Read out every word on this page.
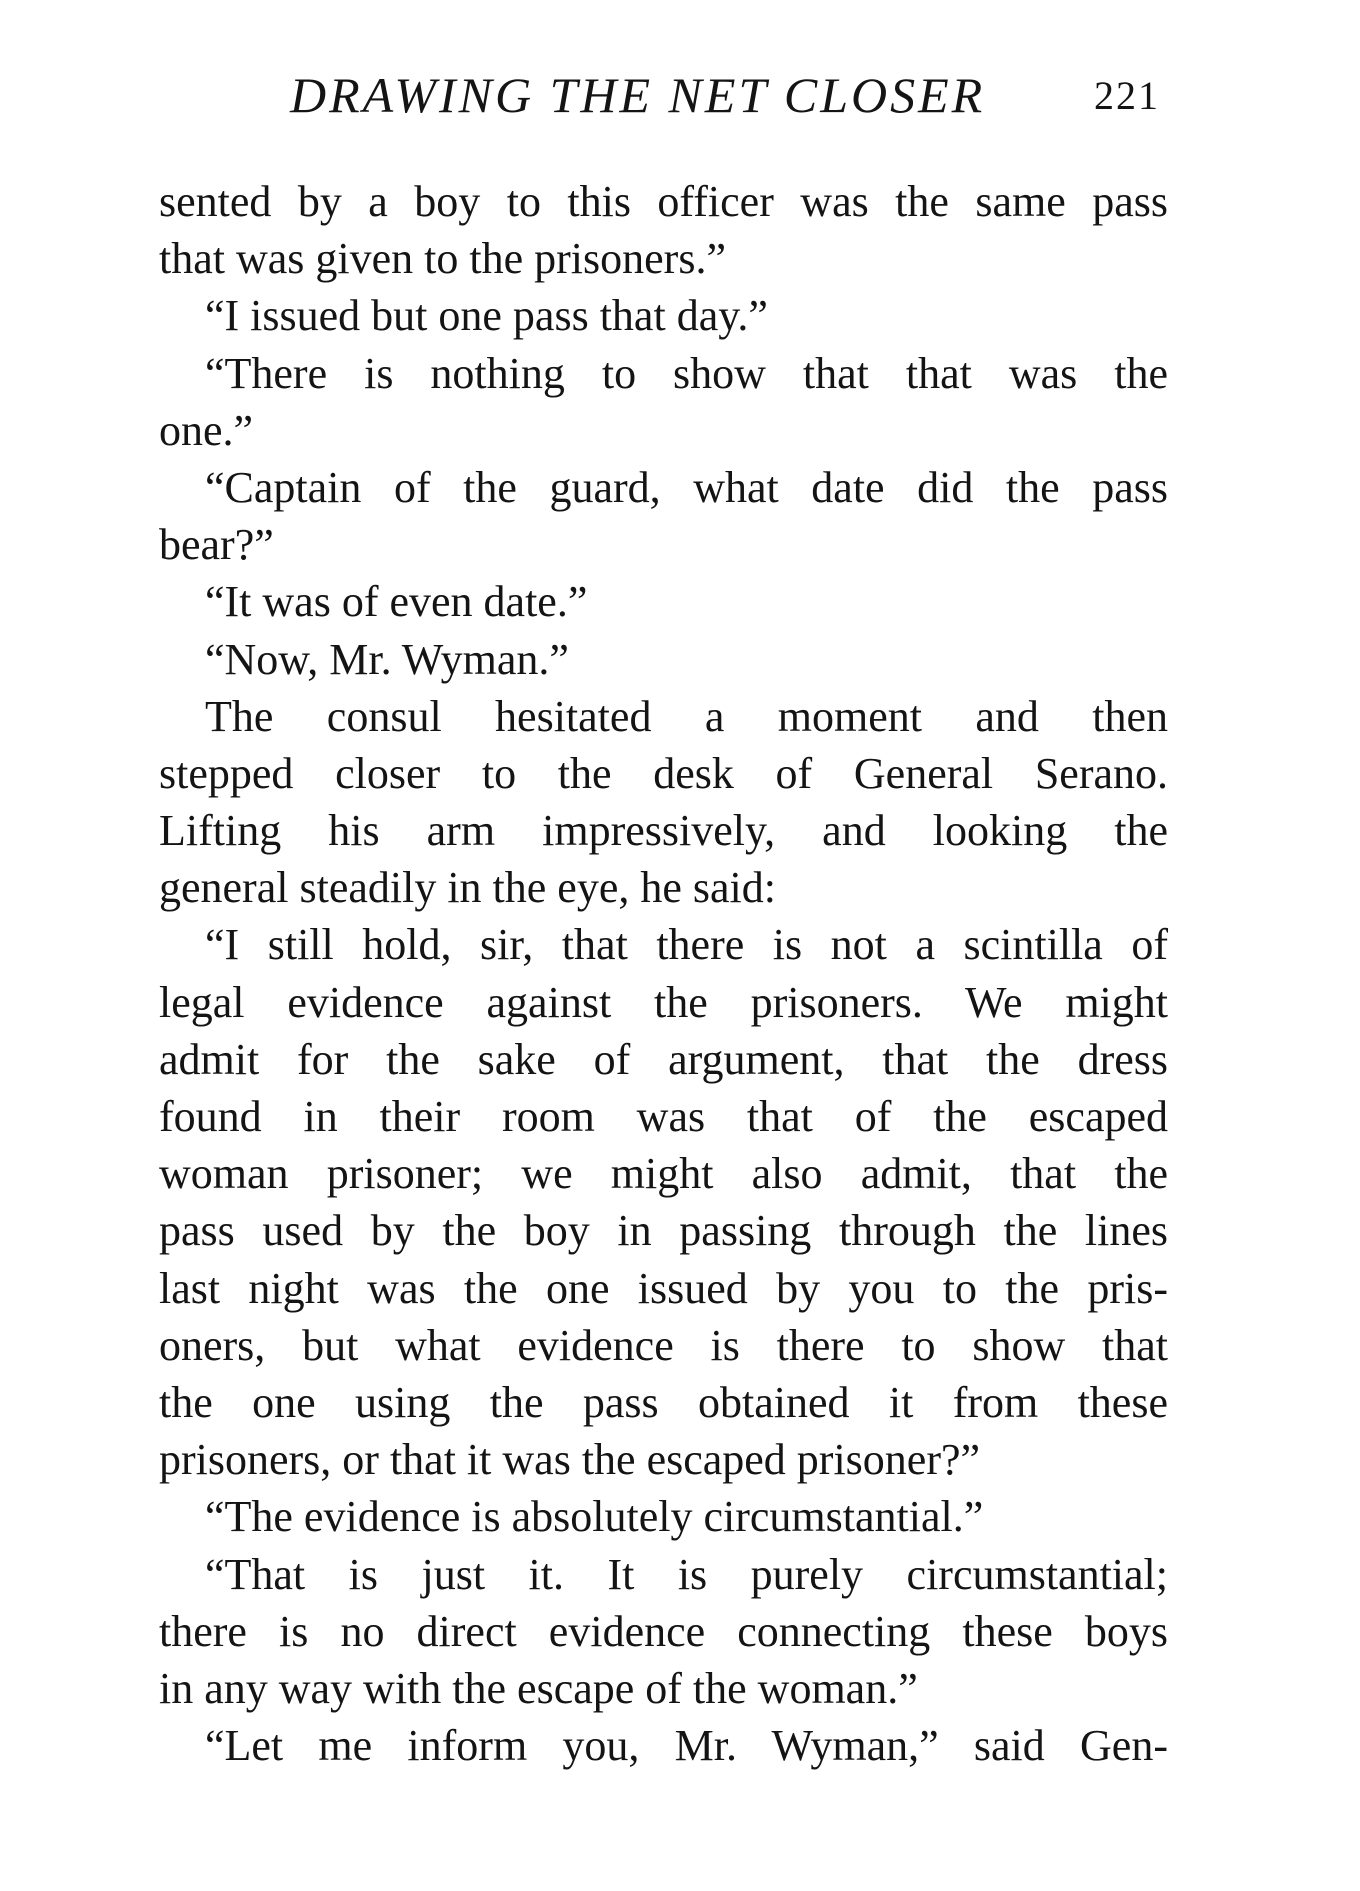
DRAWING THE NET CLOSER	221
sented by a boy to this officer was the same pass
that was given to the prisoners.”
“I issued but one pass that day.”
“There is nothing to show that that was the
one.”
“Captain of the guard, what date did the pass
bear?”
“It was of even date.”
“Now, Mr. Wyman.”
The consul hesitated a moment and then
stepped closer to the desk of General Serano.
Lifting his arm impressively, and looking the
general steadily in the eye, he said:
“I still hold, sir, that there is not a scintilla of
legal evidence against the prisoners. We might
admit for the sake of argument, that the dress
found in their room was that of the escaped
woman prisoner; we might also admit, that the
pass used by the boy in passing through the lines
last night was the one issued by you to the pris-
oners, but what evidence is there to show that
the one using the pass obtained it from these
prisoners, or that it was the escaped prisoner?”
“The evidence is absolutely circumstantial.”
“That is just it. It is purely circumstantial;
there is no direct evidence connecting these boys
in any way with the escape of the woman.”
“Let me inform you, Mr. Wyman,” said Gen-
